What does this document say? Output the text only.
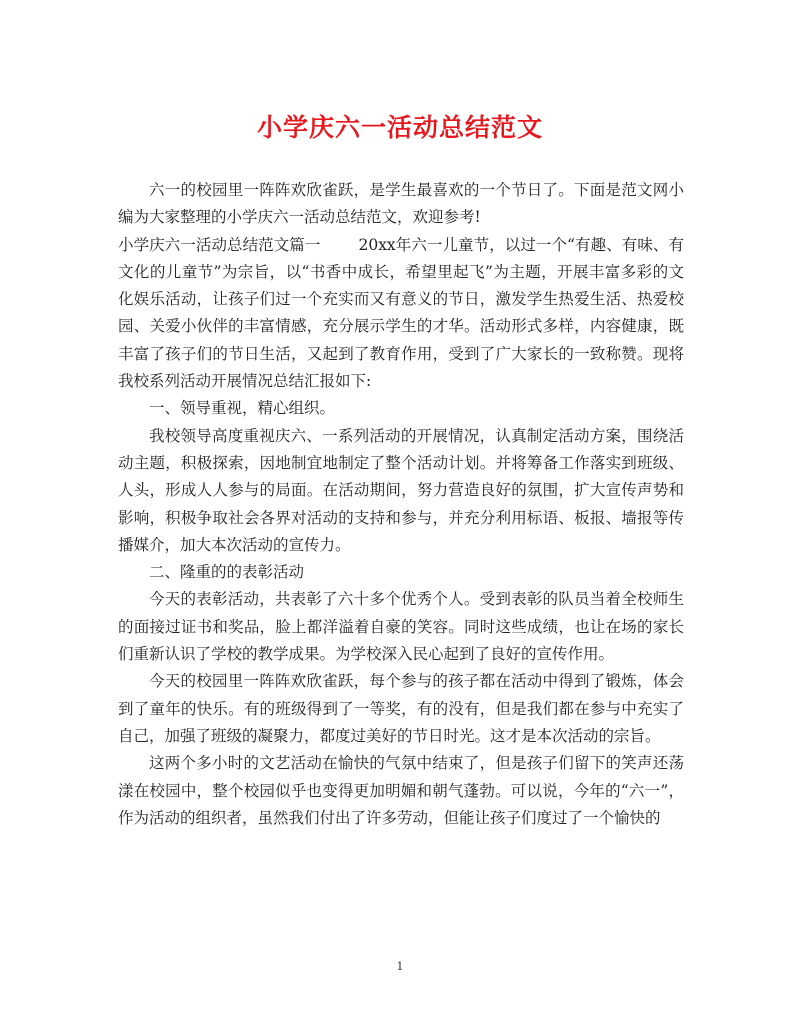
小学庆六一活动总结范文

六一的校园里一阵阵欢欣雀跃，是学生最喜欢的一个节日了。下面是范文网小编为大家整理的小学庆六一活动总结范文，欢迎参考!

小学庆六一活动总结范文篇一 20xx年六一儿童节，以过一个“有趣、有味、有文化的儿童节”为宗旨，以“书香中成长，希望里起飞”为主题，开展丰富多彩的文化娱乐活动，让孩子们过一个充实而又有意义的节日，激发学生热爱生活、热爱校园、关爱小伙伴的丰富情感，充分展示学生的才华。活动形式多样，内容健康，既丰富了孩子们的节日生活，又起到了教育作用，受到了广大家长的一致称赞。现将我校系列活动开展情况总结汇报如下:

一、领导重视，精心组织。

我校领导高度重视庆六、一系列活动的开展情况，认真制定活动方案，围绕活动主题，积极探索，因地制宜地制定了整个活动计划。并将筹备工作落实到班级、人头，形成人人参与的局面。在活动期间，努力营造良好的氛围，扩大宣传声势和影响，积极争取社会各界对活动的支持和参与，并充分利用标语、板报、墙报等传播媒介，加大本次活动的宣传力。

二、隆重的的表彰活动

今天的表彰活动，共表彰了六十多个优秀个人。受到表彰的队员当着全校师生的面接过证书和奖品，脸上都洋溢着自豪的笑容。同时这些成绩，也让在场的家长们重新认识了学校的教学成果。为学校深入民心起到了良好的宣传作用。

今天的校园里一阵阵欢欣雀跃，每个参与的孩子都在活动中得到了锻炼，体会到了童年的快乐。有的班级得到了一等奖，有的没有，但是我们都在参与中充实了自己，加强了班级的凝聚力，都度过美好的节日时光。这才是本次活动的宗旨。

这两个多小时的文艺活动在愉快的气氛中结束了，但是孩子们留下的笑声还荡漾在校园中，整个校园似乎也变得更加明媚和朝气蓬勃。可以说，今年的“六一”，作为活动的组织者，虽然我们付出了许多劳动，但能让孩子们度过了一个愉快的

1
